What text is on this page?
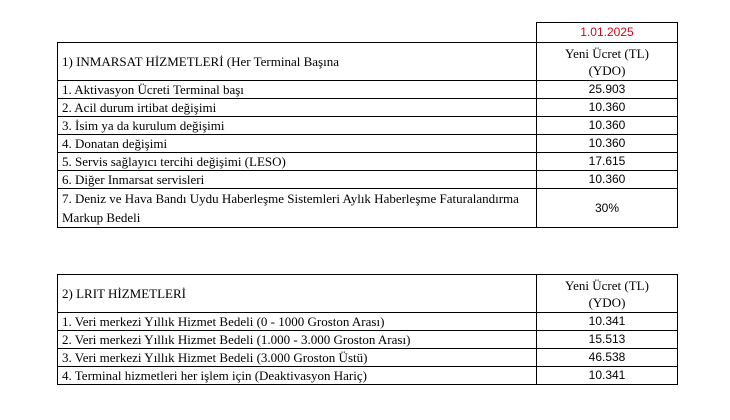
	1.01.2025
1) INMARSAT HİZMETLERİ (Her Terminal Başına	Yeni Ücret (TL)
(YDO)

1. Aktivasyon Ücreti Terminal başı	25.903
2. Acil durum irtibat değişimi	10.360
3. İsim ya da kurulum değişimi	10.360
4. Donatan değişimi	10.360
5. Servis sağlayıcı tercihi değişimi (LESO)	17.615
6. Diğer Inmarsat servisleri	10.360
7. Deniz ve Hava Bandı Uydu Haberleşme Sistemleri Aylık Haberleşme Faturalandırma Markup Bedeli	30%
2) LRIT HİZMETLERİ	Yeni Ücret (TL)
(YDO)

1. Veri merkezi Yıllık Hizmet Bedeli (0 - 1000 Groston Arası)	10.341
2. Veri merkezi Yıllık Hizmet Bedeli (1.000 - 3.000 Groston Arası)	15.513
3. Veri merkezi Yıllık Hizmet Bedeli (3.000 Groston Üstü)	46.538
4. Terminal hizmetleri her işlem için (Deaktivasyon Hariç)	10.341
